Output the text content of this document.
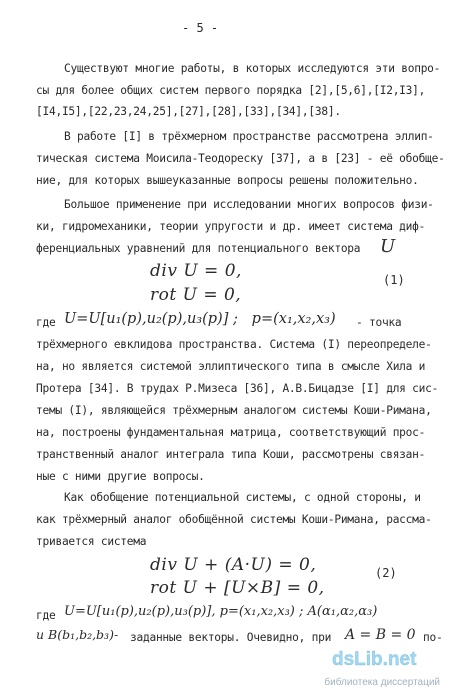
- 5 -
Существуют многие работы, в которых исследуются эти вопро-
сы для более общих систем первого порядка [2],[5,6],[I2,I3],
[I4,I5],[22,23,24,25],[27],[28],[33],[34],[38].
В работе [I] в трёхмерном пространстве рассмотрена эллип-
тическая система Моисила-Теодореску [37], а в [23] - её обобще-
ние, для которых вышеуказанные вопросы решены положительно.
Большое применение при исследовании многих вопросов физи-
ки, гидромеханики, теории упругости и др. имеет система диф-
ференциальных уравнений для потенциального вектора U
div U = 0,
rot U = 0,
(1)
где U=U[u₁(p),u₂(p),u₃(p)] ;   p=(x₁,x₂,x₃) - точка
трёхмерного евклидова пространства. Система (I) переопределе-
на, но является системой эллиптического типа в смысле Хила и
Протера [34]. В трудах Р.Мизеса [36], А.В.Бицадзе [I] для сис-
темы (I), являющейся трёхмерным аналогом системы Коши-Римана,
на, построены фундаментальная матрица, соответствующий прос-
транственный аналог интеграла типа Коши, рассмотрены связан-
ные с ними другие вопросы.
Как обобщение потенциальной системы, с одной стороны, и
как трёхмерный аналог обобщённой системы Коши-Римана, рассма-
тривается система
div U + (A·U) = 0,
rot U + [U×B] = 0,
(2)
где U=U[u₁(p),u₂(p),u₃(p)], p=(x₁,x₂,x₃) ; A(α₁,α₂,α₃)
и B(b₁,b₂,b₃)- заданные векторы. Очевидно, при A = B = 0 по-
dsLib.net
библиотека диссертаций
